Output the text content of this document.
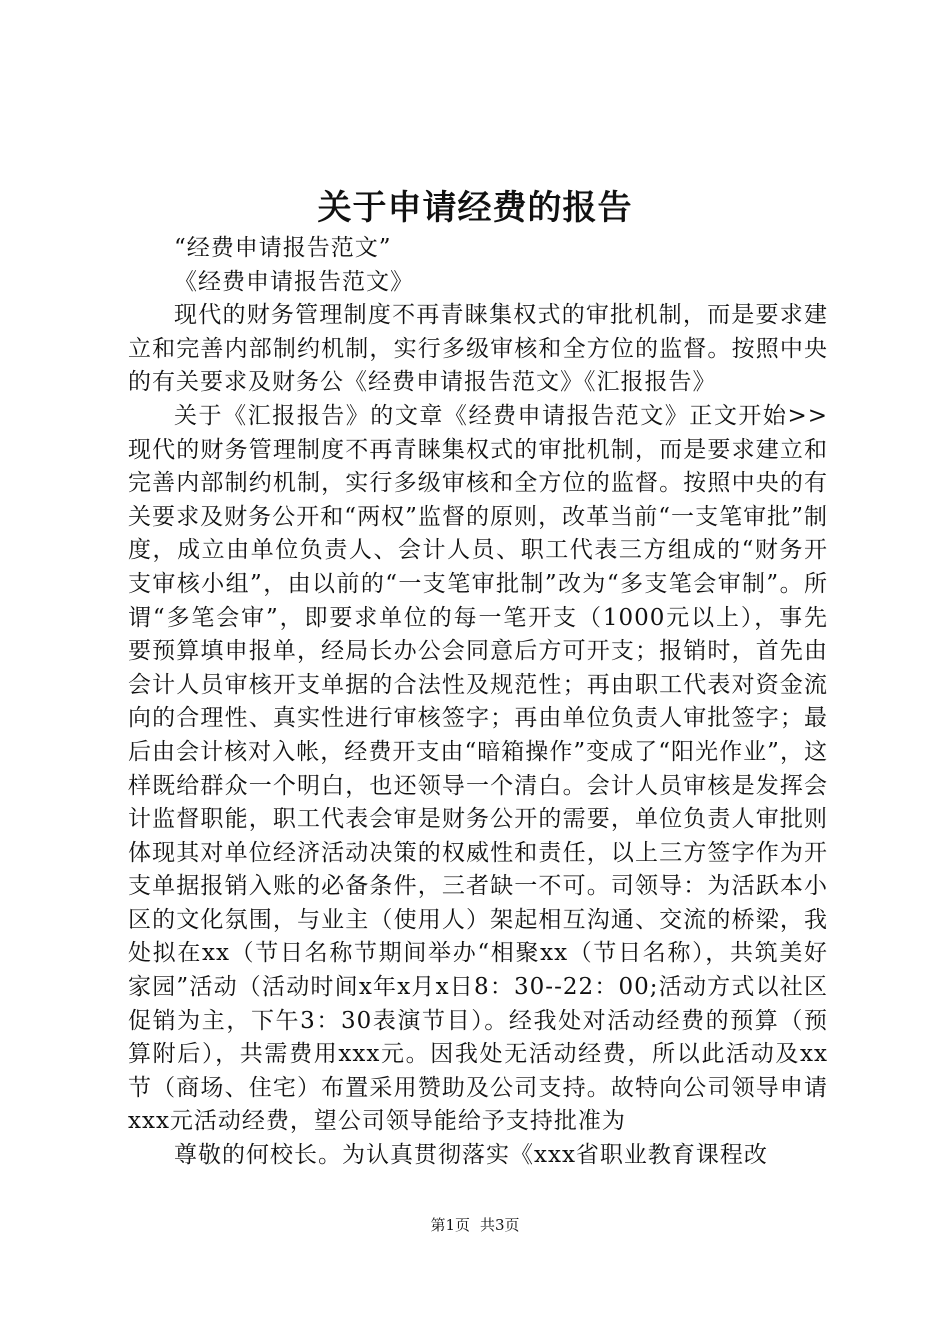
关于申请经费的报告

“经费申请报告范文”

《经费申请报告范文》

现代的财务管理制度不再青睐集权式的审批机制，而是要求建立和完善内部制约机制，实行多级审核和全方位的监督。按照中央的有关要求及财务公《经费申请报告范文》《汇报报告》

关于《汇报报告》的文章《经费申请报告范文》正文开始>>现代的财务管理制度不再青睐集权式的审批机制，而是要求建立和完善内部制约机制，实行多级审核和全方位的监督。按照中央的有关要求及财务公开和“两权”监督的原则，改革当前“一支笔审批”制度，成立由单位负责人、会计人员、职工代表三方组成的“财务开支审核小组”，由以前的“一支笔审批制”改为“多支笔会审制”。所谓“多笔会审”，即要求单位的每一笔开支（1000元以上），事先要预算填申报单，经局长办公会同意后方可开支；报销时，首先由会计人员审核开支单据的合法性及规范性；再由职工代表对资金流向的合理性、真实性进行审核签字；再由单位负责人审批签字；最后由会计核对入帐，经费开支由“暗箱操作”变成了“阳光作业”，这样既给群众一个明白，也还领导一个清白。会计人员审核是发挥会计监督职能，职工代表会审是财务公开的需要，单位负责人审批则体现其对单位经济活动决策的权威性和责任，以上三方签字作为开支单据报销入账的必备条件，三者缺一不可。司领导：为活跃本小区的文化氛围，与业主（使用人）架起相互沟通、交流的桥梁，我处拟在xx（节日名称节期间举办“相聚xx（节日名称），共筑美好家园”活动（活动时间x年x月x日8：30--22：00;活动方式以社区促销为主，下午3：30表演节目）。经我处对活动经费的预算（预算附后），共需费用xxx元。因我处无活动经费，所以此活动及xx节（商场、住宅）布置采用赞助及公司支持。故特向公司领导申请xxx元活动经费，望公司领导能给予支持批准为

尊敬的何校长。为认真贯彻落实《xxx省职业教育课程改

第1页 共3页
